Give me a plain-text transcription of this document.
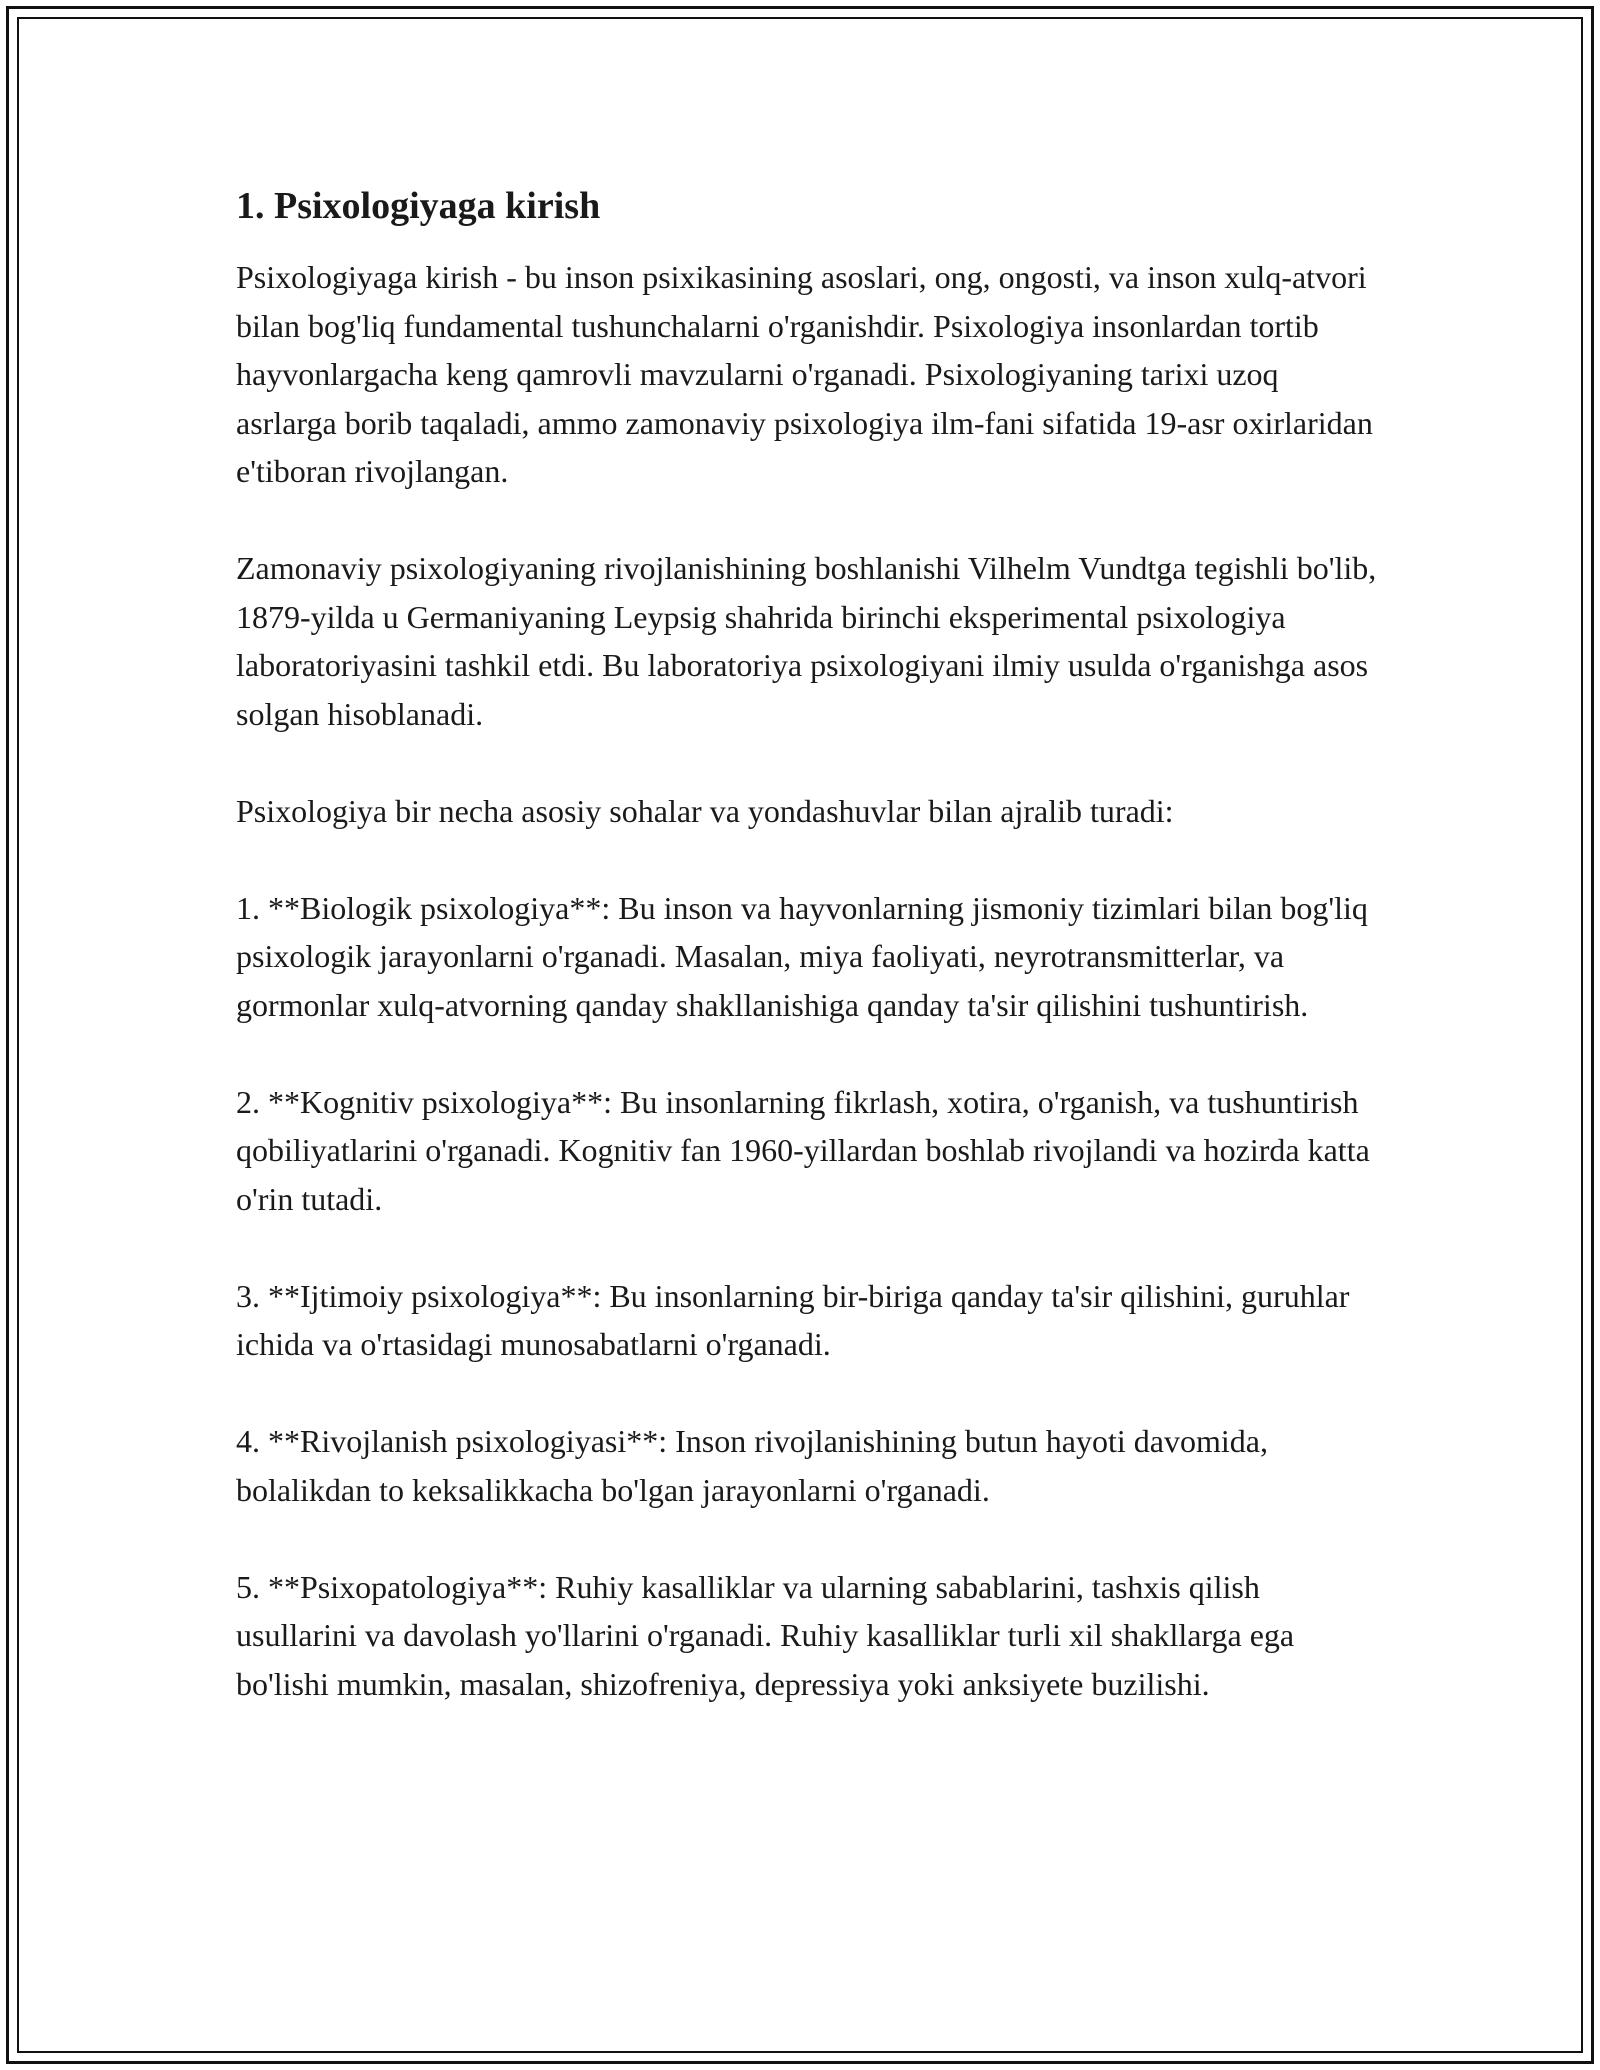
1. Psixologiyaga kirish

Psixologiyaga kirish - bu inson psixikasining asoslari, ong, ongosti, va inson xulq-atvori bilan bog'liq fundamental tushunchalarni o'rganishdir. Psixologiya insonlardan tortib hayvonlargacha keng qamrovli mavzularni o'rganadi. Psixologiyaning tarixi uzoq asrlarga borib taqaladi, ammo zamonaviy psixologiya ilm-fani sifatida 19-asr oxirlaridan e'tiboran rivojlangan.

Zamonaviy psixologiyaning rivojlanishining boshlanishi Vilhelm Vundtga tegishli bo'lib, 1879-yilda u Germaniyaning Leypsig shahrida birinchi eksperimental psixologiya laboratoriyasini tashkil etdi. Bu laboratoriya psixologiyani ilmiy usulda o'rganishga asos solgan hisoblanadi.

Psixologiya bir necha asosiy sohalar va yondashuvlar bilan ajralib turadi:

1. **Biologik psixologiya**: Bu inson va hayvonlarning jismoniy tizimlari bilan bog'liq psixologik jarayonlarni o'rganadi. Masalan, miya faoliyati, neyrotransmitterlar, va gormonlar xulq-atvorning qanday shakllanishiga qanday ta'sir qilishini tushuntirish.

2. **Kognitiv psixologiya**: Bu insonlarning fikrlash, xotira, o'rganish, va tushuntirish qobiliyatlarini o'rganadi. Kognitiv fan 1960-yillardan boshlab rivojlandi va hozirda katta o'rin tutadi.

3. **Ijtimoiy psixologiya**: Bu insonlarning bir-biriga qanday ta'sir qilishini, guruhlar ichida va o'rtasidagi munosabatlarni o'rganadi.

4. **Rivojlanish psixologiyasi**: Inson rivojlanishining butun hayoti davomida, bolalikdan to keksalikkacha bo'lgan jarayonlarni o'rganadi.

5. **Psixopatologiya**: Ruhiy kasalliklar va ularning sabablarini, tashxis qilish usullarini va davolash yo'llarini o'rganadi. Ruhiy kasalliklar turli xil shakllarga ega bo'lishi mumkin, masalan, shizofreniya, depressiya yoki anksiyete buzilishi.
